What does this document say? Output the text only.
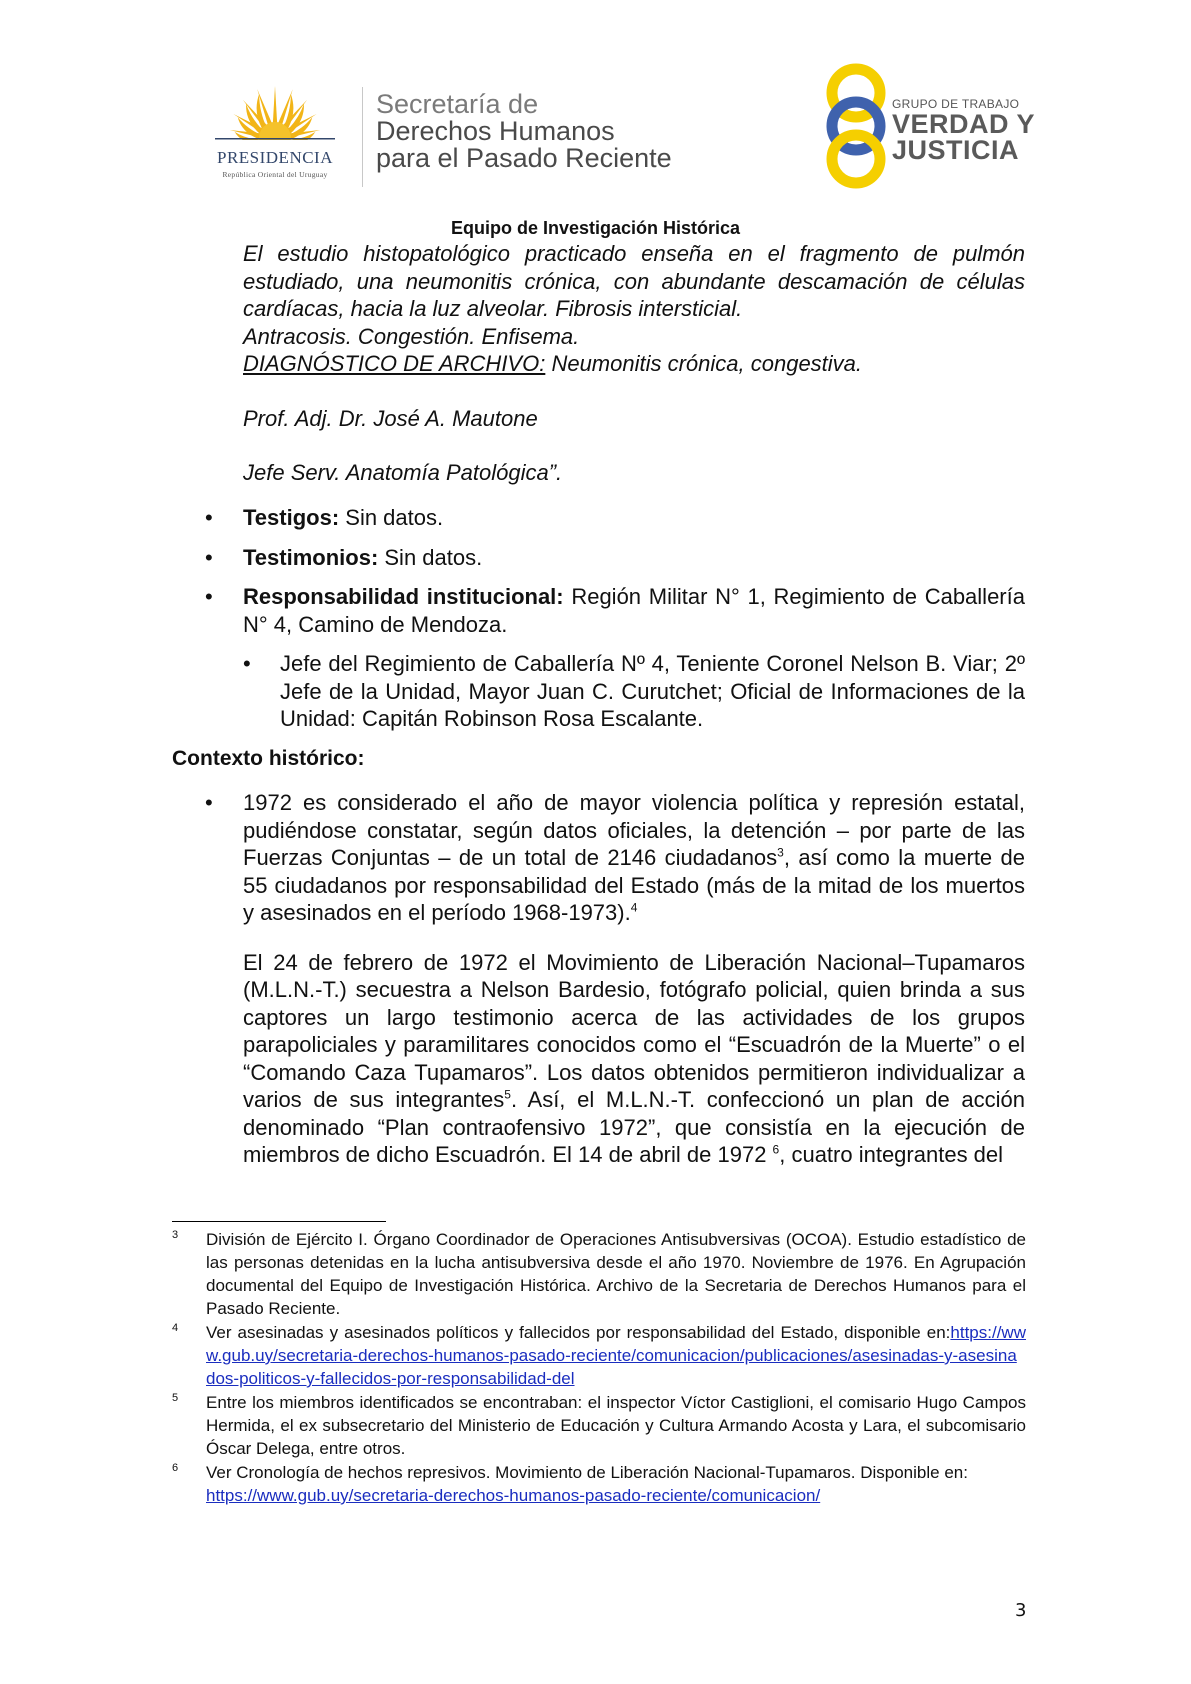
PRESIDENCIA
República Oriental del Uruguay
Secretaría de
Derechos Humanos
para el Pasado Reciente
GRUPO DE TRABAJO
VERDAD Y
JUSTICIA
Equipo de Investigación Histórica

El estudio histopatológico practicado enseña en el fragmento de pulmón estudiado, una neumonitis crónica, con abundante descamación de células cardíacas, hacia la luz alveolar. Fibrosis intersticial.

Antracosis. Congestión. Enfisema.

DIAGNÓSTICO DE ARCHIVO: Neumonitis crónica, congestiva.

Prof. Adj. Dr. José A. Mautone

Jefe Serv. Anatomía Patológica”.

• Testigos: Sin datos.
• Testimonios: Sin datos.
• Responsabilidad institucional: Región Militar N° 1, Regimiento de Caballería N° 4, Camino de Mendoza.
• Jefe del Regimiento de Caballería Nº 4, Teniente Coronel Nelson B. Viar; 2º Jefe de la Unidad, Mayor Juan C. Curutchet; Oficial de Informaciones de la Unidad: Capitán Robinson Rosa Escalante.
Contexto histórico:
• 1972 es considerado el año de mayor violencia política y represión estatal, pudiéndose constatar, según datos oficiales, la detención – por parte de las Fuerzas Conjuntas – de un total de 2146 ciudadanos$^3$, así como la muerte de 55 ciudadanos por responsabilidad del Estado (más de la mitad de los muertos y asesinados en el período 1968-1973).$^4$
El 24 de febrero de 1972 el Movimiento de Liberación Nacional–Tupamaros (M.L.N.-T.) secuestra a Nelson Bardesio, fotógrafo policial, quien brinda a sus captores un largo testimonio acerca de las actividades de los grupos parapoliciales y paramilitares conocidos como el “Escuadrón de la Muerte” o el “Comando Caza Tupamaros”. Los datos obtenidos permitieron individualizar a varios de sus integrantes$^5$. Así, el M.L.N.-T. confeccionó un plan de acción denominado “Plan contraofensivo 1972”, que consistía en la ejecución de miembros de dicho Escuadrón. El 14 de abril de 1972 $^6$, cuatro integrantes del
3 División de Ejército I. Órgano Coordinador de Operaciones Antisubversivas (OCOA). Estudio estadístico de las personas detenidas en la lucha antisubversiva desde el año 1970. Noviembre de 1976. En Agrupación documental del Equipo de Investigación Histórica. Archivo de la Secretaria de Derechos Humanos para el Pasado Reciente.
4 Ver asesinadas y asesinados políticos y fallecidos por responsabilidad del Estado, disponible en:https://www.gub.uy/secretaria-derechos-humanos-pasado-reciente/comunicacion/publicaciones/asesinadas-y-asesinados-politicos-y-fallecidos-por-responsabilidad-del
5 Entre los miembros identificados se encontraban: el inspector Víctor Castiglioni, el comisario Hugo Campos Hermida, el ex subsecretario del Ministerio de Educación y Cultura Armando Acosta y Lara, el subcomisario Óscar Delega, entre otros.
6 Ver Cronología de hechos represivos. Movimiento de Liberación Nacional-Tupamaros. Disponible en:
https://www.gub.uy/secretaria-derechos-humanos-pasado-reciente/comunicacion/
3
